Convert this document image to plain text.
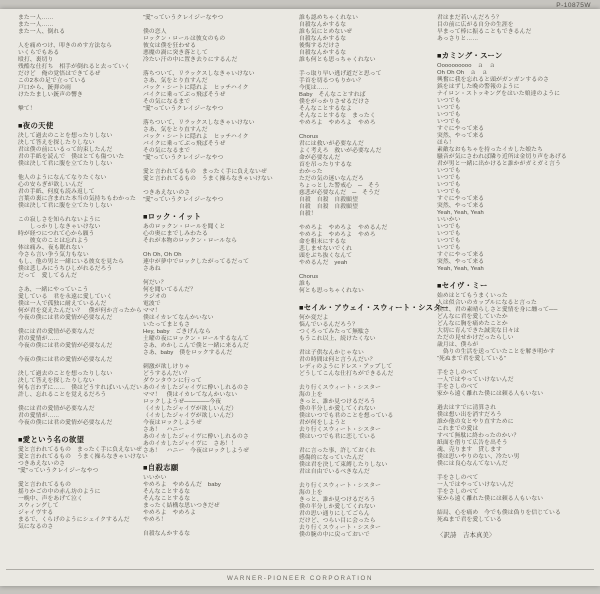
P-10875W
また一人……
また一人……
また一人、倒れる
人を痛めつけ、叩きのめす方法なら
いくらでもある
殴打、裏切り
残酷な仕打ち　相手が倒れると去っていく
だけど　俺の覚悟はできてるぜ
この2本の足で立っている
戸口から、銃弾の雨
けたたましい銃声の響き
撃て！
■夜の天使
決して過去のことを想ったりしない
決して答えを探したりしない
君は僕の前にいるって約束したんだ
君の手紙を読んで　僕はとても傷ついた
僕は決して君に腹を立てたりしない
他人のようになんてなりたくない
心の安らぎが欲しいんだ
君の手紙、何度も読み返して
言葉の裏に含まれた本当の気持ちもわかった
僕は決して君に腹を立てたりしない
この寂しさを知られないように
　　しっかりしなきゃいけない
時が経つにつれて心から願う
　　彼女のことは忘れよう
体は痛み、夜も眠れない
今さら言い争う気力もない
もし、他の男と一緒にいる彼女を見たら
僕は悲しみにうちひしがれるだろう
だって　愛してるんだ
さあ、一緒にやっていこう
愛している　君を永遠に愛していく
僕は一人で孤独に耐えているんだ
何が君を変えたんだい？　僕が何か言ったから
今夜の僕には君の愛情が必要なんだ
僕には君の愛情が必要なんだ
君の愛情が……
今夜の僕には君の愛情が必要なんだ
今夜の僕には君の愛情が必要なんだ
決して過去のことを想ったりしない
決して答えを探したりしない
何も言わずに……　僕はどうすればいいんだい
許し、忘れることを覚えるだろう
僕には君の愛情が必要なんだ
君の愛情が……
今夜の僕には君の愛情が必要なんだ
■愛という名の欲望
愛と言われてるもの　まったく手に負えないぜ
愛と言われてるもの　うまく操らなきゃいけない
つきあえないのさ
“愛”っていうクレイジーなやつ
愛と言われてるもの
揺りかごの中の赤ん坊のように
一晩中、声をあげて泣く
スウィングして
ジャイヴする
まるで、くらげのようにシェイクするんだ
気になるのさ
“愛”っていうクレイジーなやつ
僕の恋人
ロックン・ロールは彼女のもの
彼女は僕を狂わせる
悪魔の渦に突き落として
冷たい汗の中に置き去りにするんだ
落ちついて、リラックスしなきゃいけない
さあ、気をとり直すんだ
バック・シートに隠れよ　ヒッチハイク
バイクに乗ってぶっ飛ばそうぜ
その気になるまで
“愛”っていうクレイジーなやつ
落ちついて、リラックスしなきゃいけない
さあ、気をとり直すんだ
バック・シートに隠れよ　ヒッチハイク
バイクに乗ってぶっ飛ばそうぜ
その気になるまで
“愛”っていうクレイジーなやつ
愛と言われてるもの　まったく手に負えないぜ
愛と言われてるもの　うまく操らなきゃいけない
つきあえないのさ
“愛”っていうクレイジーなやつ
■ロック・イット
あのロックン・ロールを聞くと
心の奥にまでしみわたる
それが本物のロックン・ロールなら
Oh Oh, Oh Oh
連中が夢中でロックしたがってるだって
さあね
何だい？
何を聞いてるんだ？
ラジオの
電波で
ママ！
僕はイカレてなんかいない
いたってまともさ
Hey, baby　ごきげんなら
土曜の夜にロックン・ロールするなんて
さあ、めかしこんで僕と一緒に来るんだ
さあ、baby　僕をロックするんだ
刺激が欲しけりゃ
どうするんだい？
ダウンタウンに行って
あのイカしたジャイヴに酔いしれるのさ
ママ！　僕はイカレてなんかいない
ロックしようぜ──────今夜
（イカしたジャイヴが欲しいんだ）
（イカしたジャイヴが欲しいんだ）
今夜はロックしようぜ
さあ！　ハニー
あのイカしたジャイヴに酔いしれるのさ
あのイカしたジャイヴに　さあ！！
さあ！　ハニー　今夜はロックしようぜ
■自殺志願
いいかい
やめろよ　やめるんだ　baby
そんなことするな
そんなことするな
まったく結構な思いつきだぜ
やめろよ　やめろよ
やめろ！
自殺なんかするな
誰も認めちゃくれない
自殺なんかするな
誰も気にとめないぜ
自殺なんかするな
後悔するだけさ
自殺なんかするな
誰も何とも思っちゃくれない
手っ取り早い逃げ道だと思って
手首を切るつもりかい？
今度は……
Baby　そんなことすれば
僕をがっかりさせるだけさ
そんなことするなよ
そんなことするな　まったく
やめろよ　やめろよ　やめろ
Chorus
君には救いが必要なんだ
よく考えろ　救いが必要なんだ
命が必要なんだ
首を吊ったりするな
わかった
ただの気の迷いなんだろ
ちょっとした警戒心　─　そう
慈悲が必要なんだ　─　そうだ
自殺　自殺　自殺願望
自殺　自殺　自殺願望
自殺！
やめろよ　やめろよ　やめるんだ
やめろよ　やめろよ　やめろ
命を粗末にするな
悲しませないでくれ
頭をぶち抜くなんて
やめるんだ　yeah
Chorus
誰も
何とも思っちゃくれない
■セイル・アウェイ・スウィート・シスター
何か変だよ
悩んでいるんだろう？
つくろってみたって無駄さ
もうこれ以上、続けたくない
君は子供なんかじゃない
君の時間は何と言うんだい？
レディのようにドレス・アップして
どうしてこんな仕打ちができるんだ
去り行くスウィート・シスター
海の上を
きっと、誰か見つけるだろう
僕の半分しか愛してくれない
僕はいつでも君のことを想っている
君が何をしようと
去り行くスウィート・シスター
僕はいつでも君に恋している
君に言った事、許しておくれ
感傷的になっていたんだ
僕は君を決して束縛したりしない
君は自由でいるべきなんだ
去り行くスウィート・シスター
海の上を
きっと、誰か見つけるだろう
僕の半分しか愛してくれない
君の思い通りにしてごらん
だけど、つらい目に会ったら
去り行くスウィート・シスター
僕の腕の中に戻っておいで
君はまだ若いんだろう？
目の前に広がる自分の生涯を
早まって棒に振ることもできるんだ
あっさりと……
■カミング・スーン
Oooooooooo　ａ　ａ
Oh Oh Oh　ａ　ａ
興奮に我を忘れると頭がガンガンするのさ
鋲をはずした晩の警報のように
ナイロン・ストッキングをはいた娘達のように
いつでも
いつでも
いつでも
いつでも
すぐにやって来る
突然、やって来る
ほら！
素敵なおもちゃを持ったイカした娘たち
騒音が気にさわれば隣り近所は金切り声をあげる
君が男と一緒に出かけると誰かがガミガミ言う
いつでも
いつでも
いつでも
いつでも
すぐにやって来る
突然、やって来る
Yeah, Yeah, Yeah
いいかい
いつでも
いつでも
いつでも
いつでも
すぐにやって来る
突然、やって来る
Yeah, Yeah, Yeah
■セイヴ・ミー
始めはとてもうまくいった
人は似合いのカップルになると言った
僕は、君の素晴らしさと愛情を身に纏って──
どんなに君を愛していたか
どんなに胸を痛めたことか
大切に育んできた誠実な日々は
ただの見せかけだったらしい
歳月は、僕らが
　偽りの生活を送っていたことを解き明かす
“死ぬまで君を愛している”
手をさしのべて
一人ではやっていけないんだ
手をさしのべて
家から遠く離れた僕には頼る人もいない
過去はすでに清算され
僕は想い出を消すだろう
誰か他の女とやり直すために
これまでの愛は
すべて無駄に終わったのかい？
紙面を借りて広告を出そう
魂、売ります　貸します
僕は思いやりのない、冷たい男
僕には良心なんてないんだ
手をさしのべて
一人ではやっていけないんだ
手をさしのべて
家から遠く離れた僕には頼る人もいない
結局、心を痛め　今でも僕は偽りを信じている
死ぬまで君を愛している
〈訳詩　吉本真美〉
WARNER-PIONEER CORPORATION
